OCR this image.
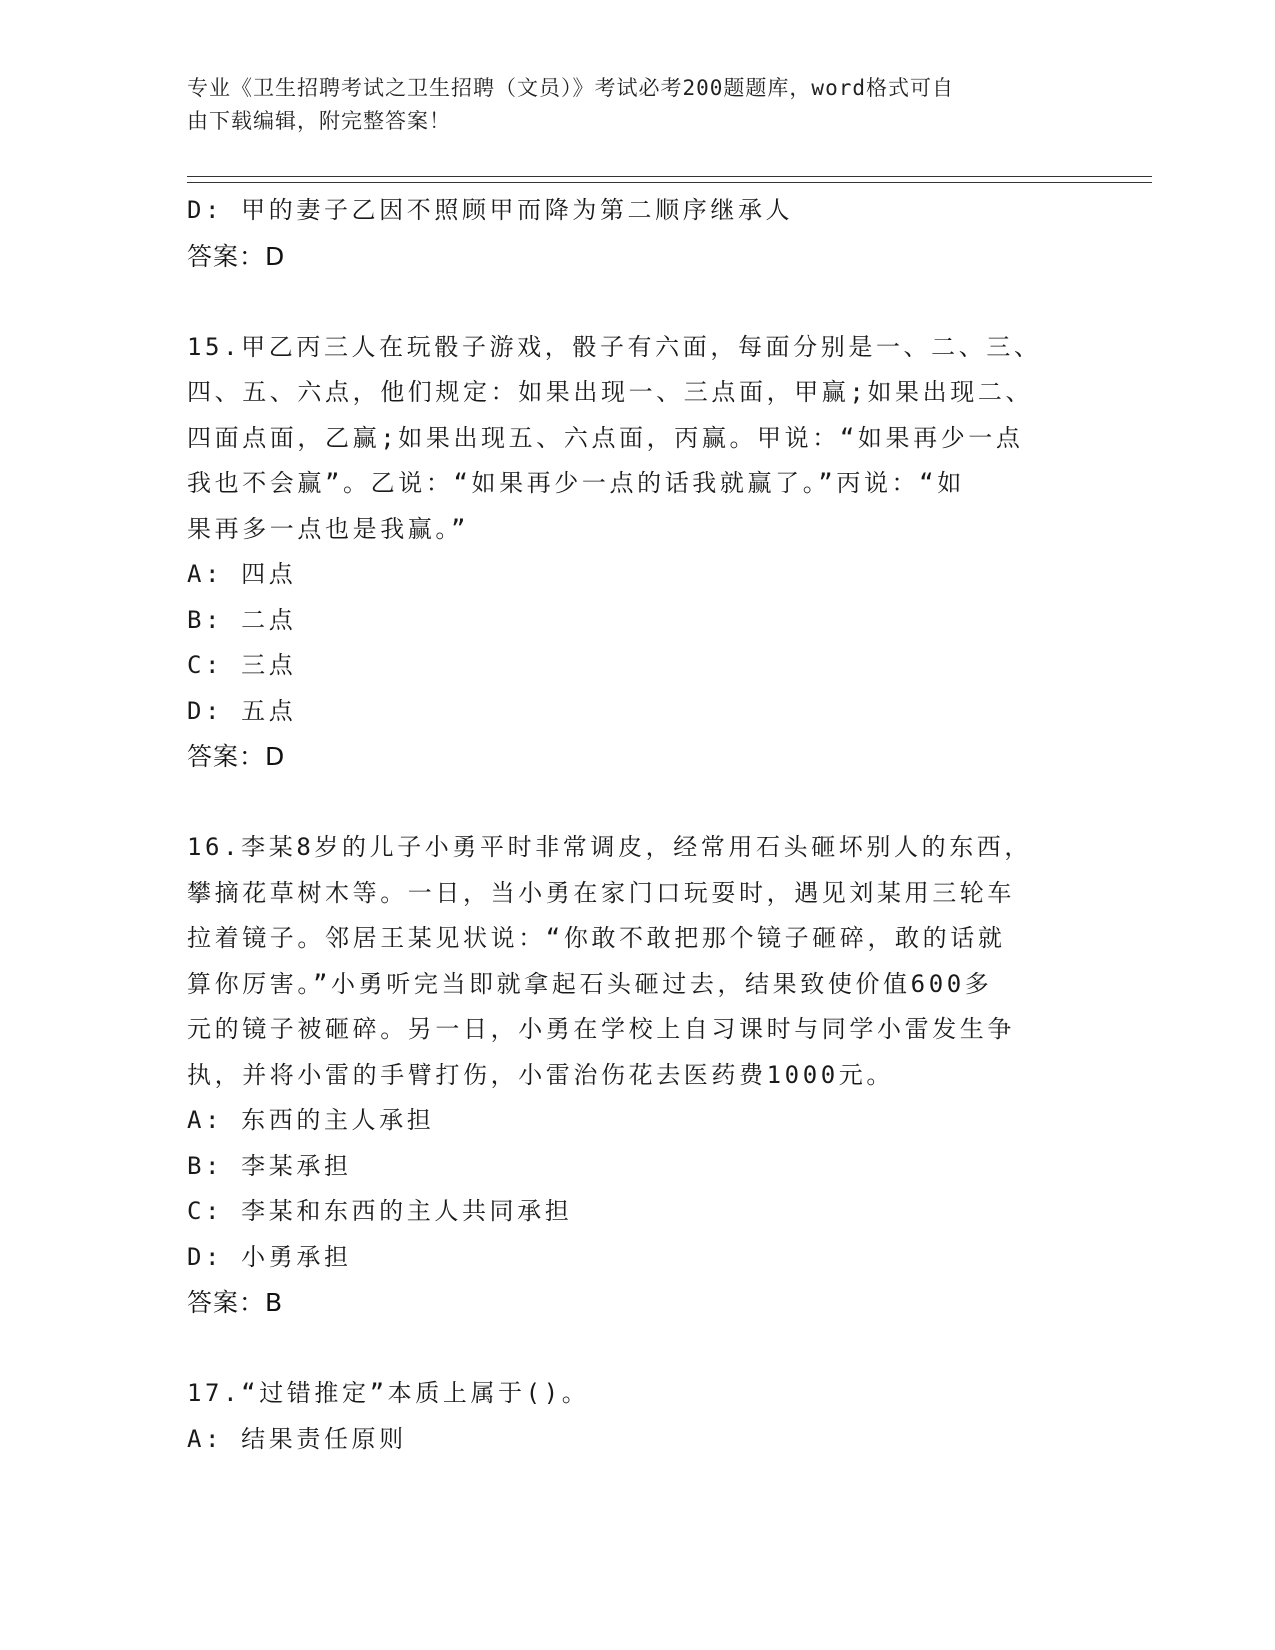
专业《卫生招聘考试之卫生招聘（文员）》考试必考200题题库，word格式可自
由下载编辑，附完整答案！
D: 甲的妻子乙因不照顾甲而降为第二顺序继承人
答案：D
15.甲乙丙三人在玩骰子游戏，骰子有六面，每面分别是一、二、三、
四、五、六点，他们规定：如果出现一、三点面，甲赢;如果出现二、
四面点面，乙赢;如果出现五、六点面，丙赢。甲说：“如果再少一点
我也不会赢”。乙说：“如果再少一点的话我就赢了。”丙说：“如
果再多一点也是我赢。”
A: 四点
B: 二点
C: 三点
D: 五点
答案：D
16.李某8岁的儿子小勇平时非常调皮，经常用石头砸坏别人的东西，
攀摘花草树木等。一日，当小勇在家门口玩耍时，遇见刘某用三轮车
拉着镜子。邻居王某见状说：“你敢不敢把那个镜子砸碎，敢的话就
算你厉害。”小勇听完当即就拿起石头砸过去，结果致使价值600多
元的镜子被砸碎。另一日，小勇在学校上自习课时与同学小雷发生争
执，并将小雷的手臂打伤，小雷治伤花去医药费1000元。
A: 东西的主人承担
B: 李某承担
C: 李某和东西的主人共同承担
D: 小勇承担
答案：B
17.“过错推定”本质上属于()。
A: 结果责任原则
